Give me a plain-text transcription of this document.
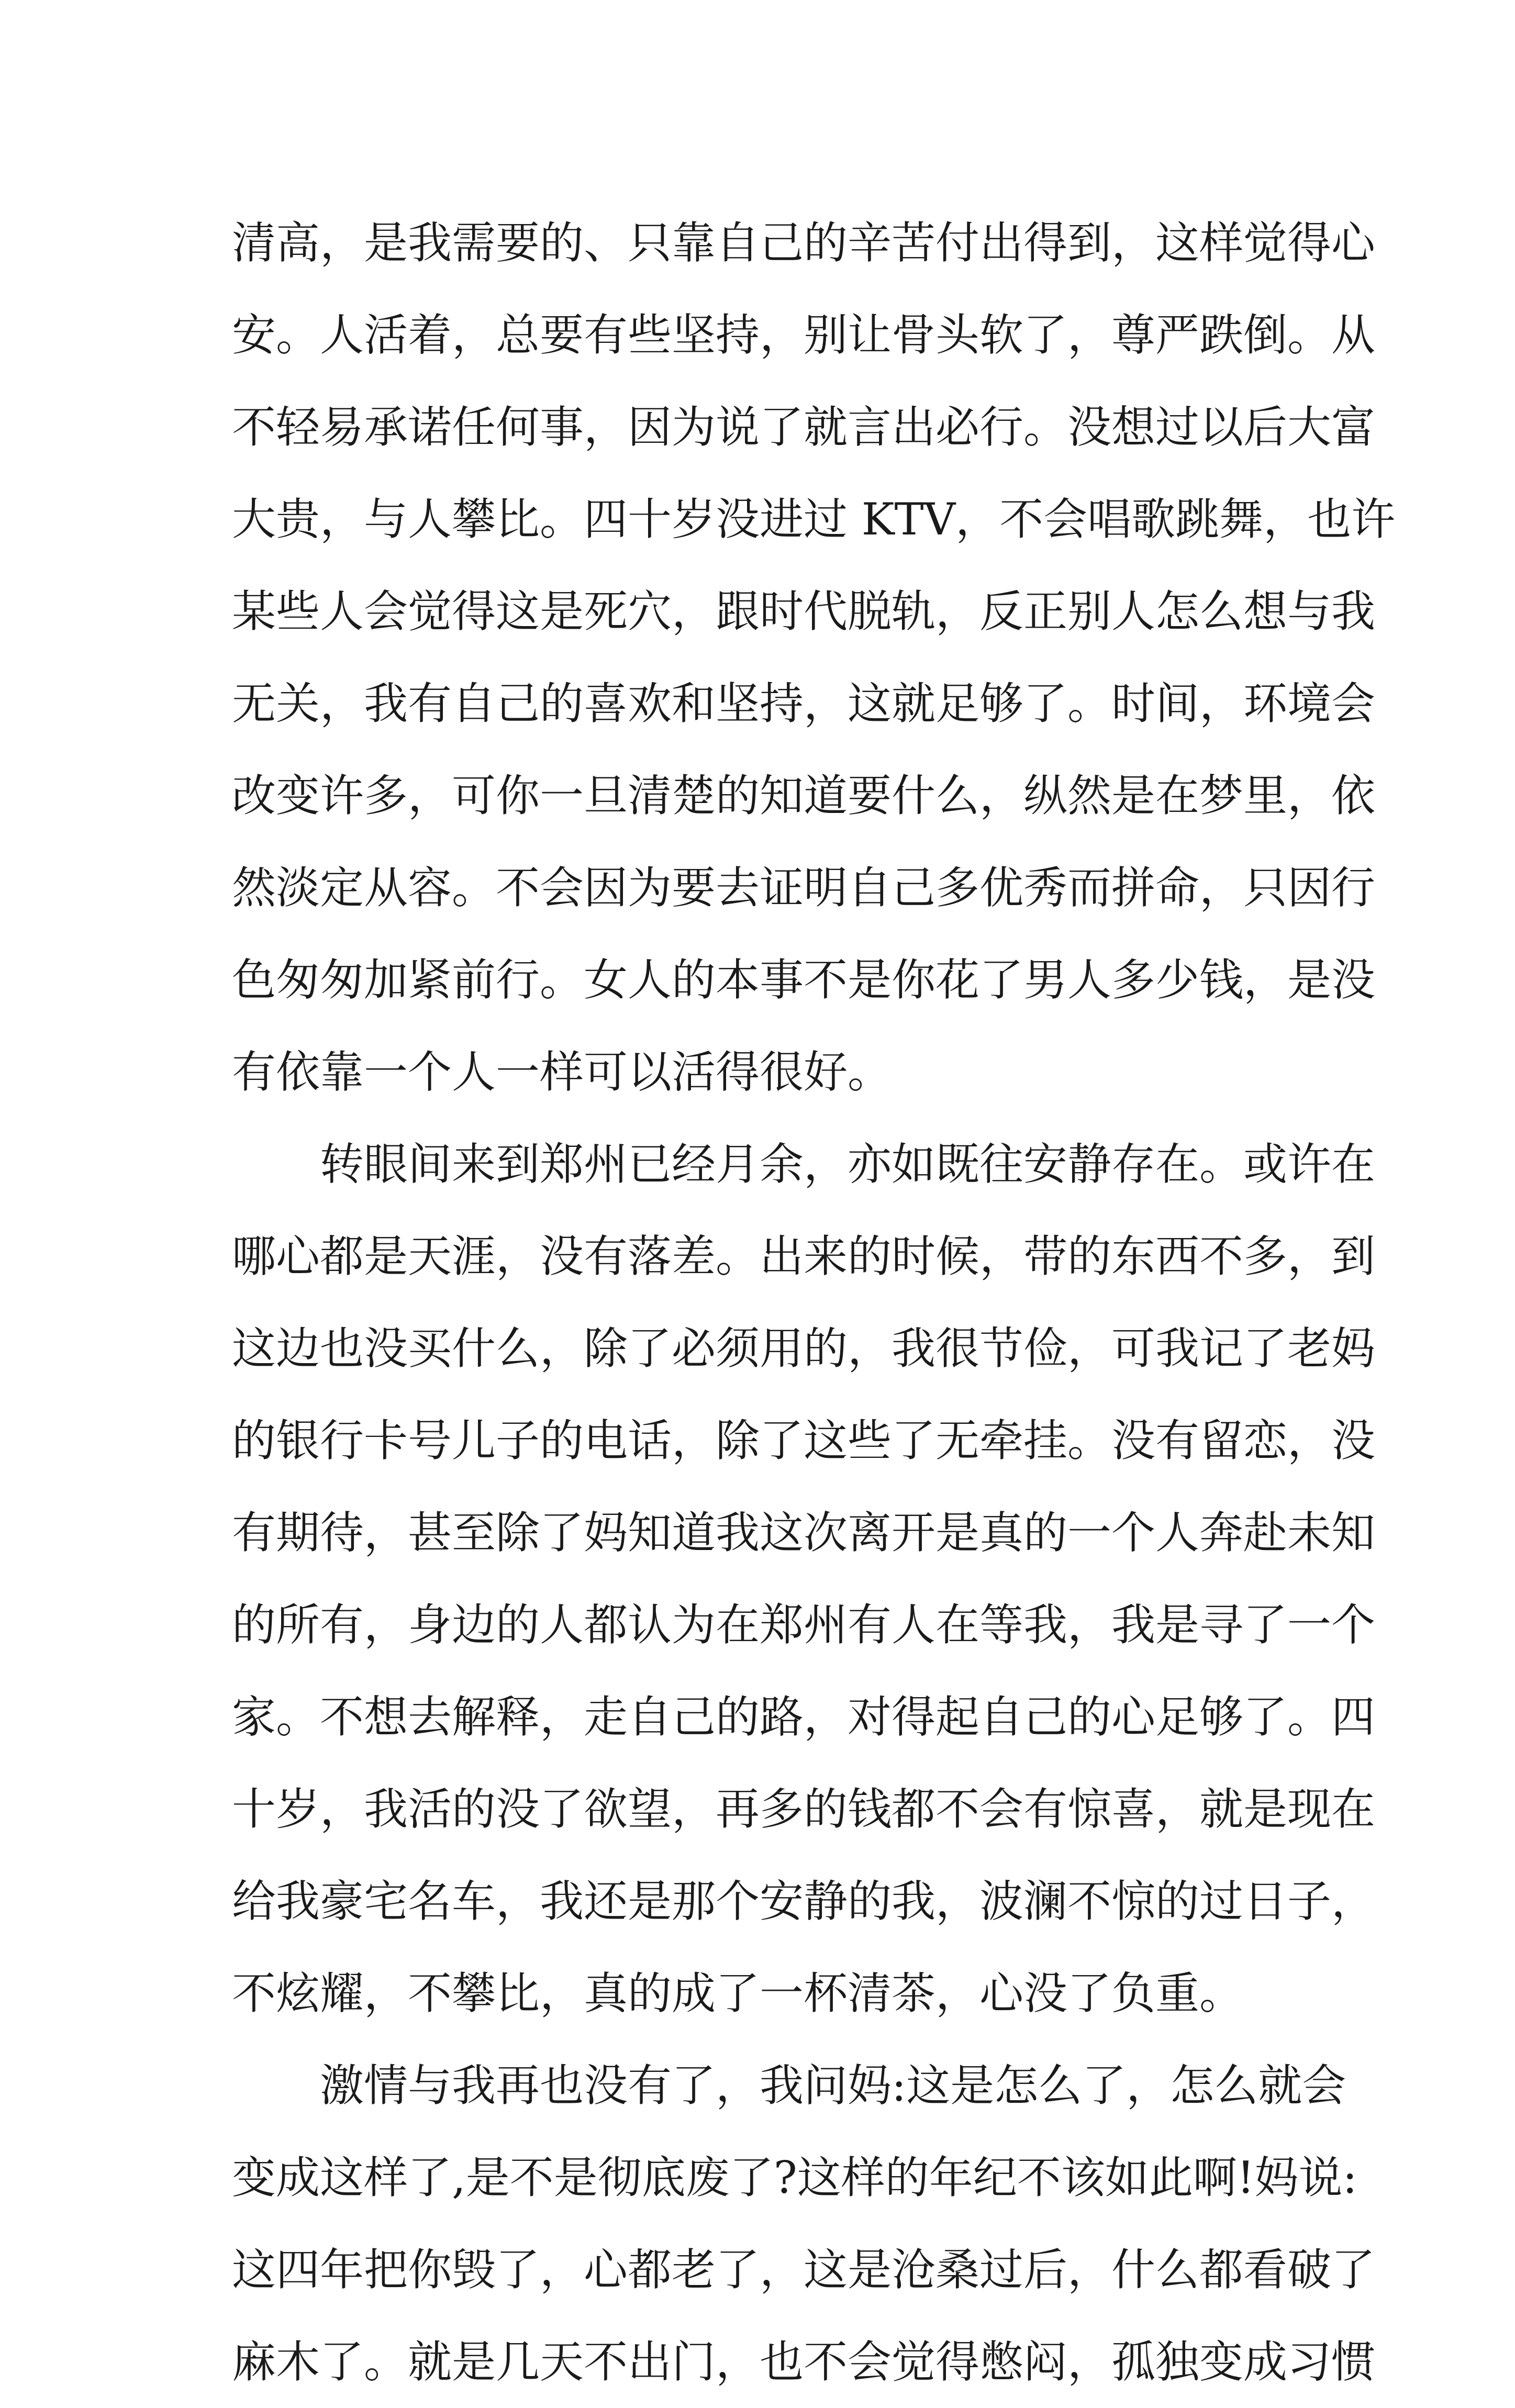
清高，是我需要的、只靠自己的辛苦付出得到，这样觉得心
安。人活着，总要有些坚持，别让骨头软了，尊严跌倒。从
不轻易承诺任何事，因为说了就言出必行。没想过以后大富
大贵，与人攀比。四十岁没进过 KTV，不会唱歌跳舞，也许
某些人会觉得这是死穴，跟时代脱轨，反正别人怎么想与我
无关，我有自己的喜欢和坚持，这就足够了。时间，环境会
改变许多，可你一旦清楚的知道要什么，纵然是在梦里，依
然淡定从容。不会因为要去证明自己多优秀而拼命，只因行
色匆匆加紧前行。女人的本事不是你花了男人多少钱，是没
有依靠一个人一样可以活得很好。
转眼间来到郑州已经月余，亦如既往安静存在。或许在
哪心都是天涯，没有落差。出来的时候，带的东西不多，到
这边也没买什么，除了必须用的，我很节俭，可我记了老妈
的银行卡号儿子的电话，除了这些了无牵挂。没有留恋，没
有期待，甚至除了妈知道我这次离开是真的一个人奔赴未知
的所有，身边的人都认为在郑州有人在等我，我是寻了一个
家。不想去解释，走自己的路，对得起自己的心足够了。四
十岁，我活的没了欲望，再多的钱都不会有惊喜，就是现在
给我豪宅名车，我还是那个安静的我，波澜不惊的过日子，
不炫耀，不攀比，真的成了一杯清茶，心没了负重。
激情与我再也没有了，我问妈:这是怎么了，怎么就会
变成这样了,是不是彻底废了?这样的年纪不该如此啊!妈说:
这四年把你毁了，心都老了，这是沧桑过后，什么都看破了
麻木了。就是几天不出门，也不会觉得憋闷，孤独变成习惯
